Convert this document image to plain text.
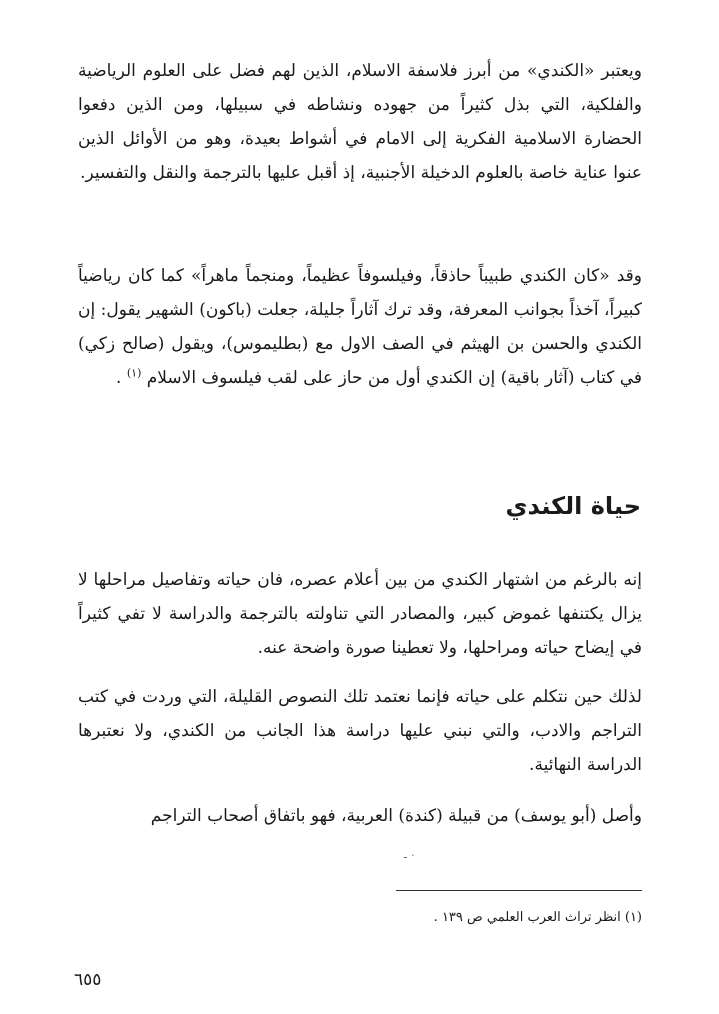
ويعتبر «الكندي» من أبرز فلاسفة الاسلام، الذين لهم فضل على العلوم الرياضية والفلكية، التي بذل كثيراً من جهوده ونشاطه في سبيلها، ومن الذين دفعوا الحضارة الاسلامية الفكرية إلى الامام في أشواط بعيدة، وهو من الأوائل الذين عنوا عناية خاصة بالعلوم الدخيلة الأجنبية، إذ أقبل عليها بالترجمة والنقل والتفسير.

وقد «كان الكندي طبيباً حاذقاً، وفيلسوفاً عظيماً، ومنجماً ماهراً» كما كان رياضياً كبيراً، آخذاً بجوانب المعرفة، وقد ترك آثاراً جليلة، جعلت (باكون) الشهير يقول: إن الكندي والحسن بن الهيثم في الصف الاول مع (بطليموس)، ويقول (صالح زكي) في كتاب (آثار باقية) إن الكندي أول من حاز على لقب فيلسوف الاسلام $^{(١)}$ .

حياة الكندي

إنه بالرغم من اشتهار الكندي من بين أعلام عصره، فان حياته وتفاصيل مراحلها لا يزال يكتنفها غموض كبير، والمصادر التي تناولته بالترجمة والدراسة لا تفي كثيراً في إيضاح حياته ومراحلها، ولا تعطينا صورة واضحة عنه.

لذلك حين نتكلم على حياته فإنما نعتمد تلك النصوص القليلة، التي وردت في كتب التراجم والادب، والتي نبني عليها دراسة هذا الجانب من الكندي، ولا نعتبرها الدراسة النهائية.

وأصل (أبو يوسف) من قبيلة (كندة) العربية، فهو باتفاق أصحاب التراجم

٠ ـ

(١) انظر تراث العرب العلمي ص ١٣٩ .

٦٥٥
